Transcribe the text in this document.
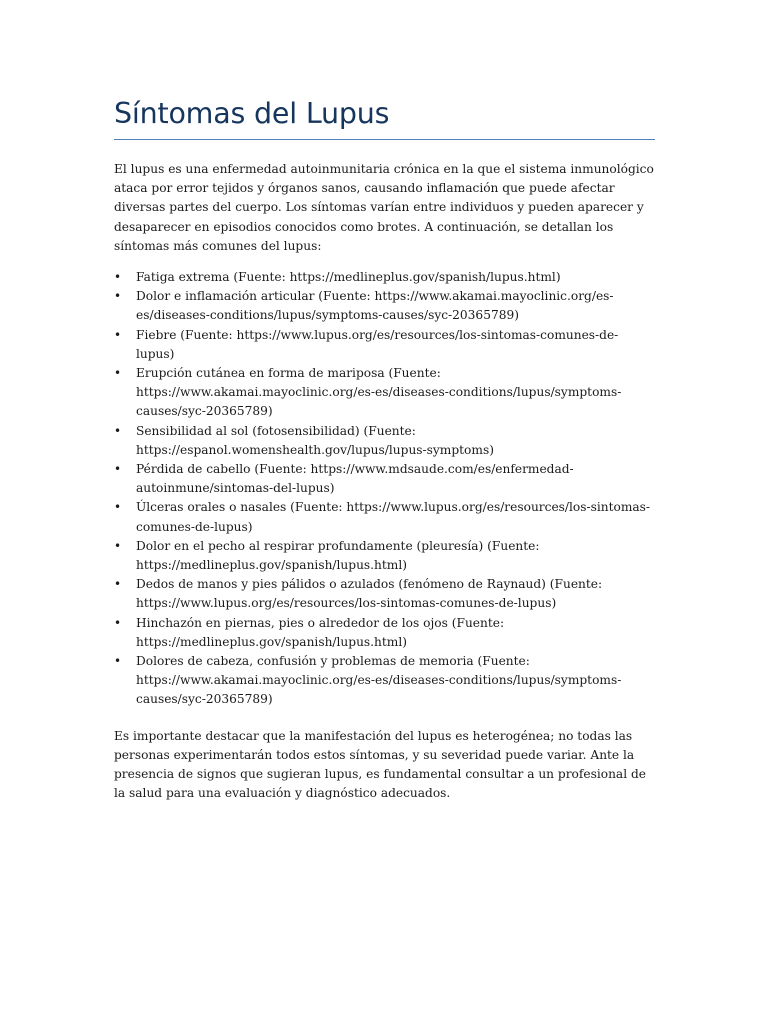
Síntomas del Lupus

El lupus es una enfermedad autoinmunitaria crónica en la que el sistema inmunológico ataca por error tejidos y órganos sanos, causando inflamación que puede afectar diversas partes del cuerpo. Los síntomas varían entre individuos y pueden aparecer y desaparecer en episodios conocidos como brotes. A continuación, se detallan los síntomas más comunes del lupus:

• Fatiga extrema (Fuente: https://medlineplus.gov/spanish/lupus.html)
• Dolor e inflamación articular (Fuente: https://www.akamai.mayoclinic.org/es-es/diseases-conditions/lupus/symptoms-causes/syc-20365789)
• Fiebre (Fuente: https://www.lupus.org/es/resources/los-sintomas-comunes-de-lupus)
• Erupción cutánea en forma de mariposa (Fuente: https://www.akamai.mayoclinic.org/es-es/diseases-conditions/lupus/symptoms-causes/syc-20365789)
• Sensibilidad al sol (fotosensibilidad) (Fuente: https://espanol.womenshealth.gov/lupus/lupus-symptoms)
• Pérdida de cabello (Fuente: https://www.mdsaude.com/es/enfermedad-autoinmune/sintomas-del-lupus)
• Úlceras orales o nasales (Fuente: https://www.lupus.org/es/resources/los-sintomas-comunes-de-lupus)
• Dolor en el pecho al respirar profundamente (pleuresía) (Fuente: https://medlineplus.gov/spanish/lupus.html)
• Dedos de manos y pies pálidos o azulados (fenómeno de Raynaud) (Fuente: https://www.lupus.org/es/resources/los-sintomas-comunes-de-lupus)
• Hinchazón en piernas, pies o alrededor de los ojos (Fuente: https://medlineplus.gov/spanish/lupus.html)
• Dolores de cabeza, confusión y problemas de memoria (Fuente: https://www.akamai.mayoclinic.org/es-es/diseases-conditions/lupus/symptoms-causes/syc-20365789)

Es importante destacar que la manifestación del lupus es heterogénea; no todas las personas experimentarán todos estos síntomas, y su severidad puede variar. Ante la presencia de signos que sugieran lupus, es fundamental consultar a un profesional de la salud para una evaluación y diagnóstico adecuados.
